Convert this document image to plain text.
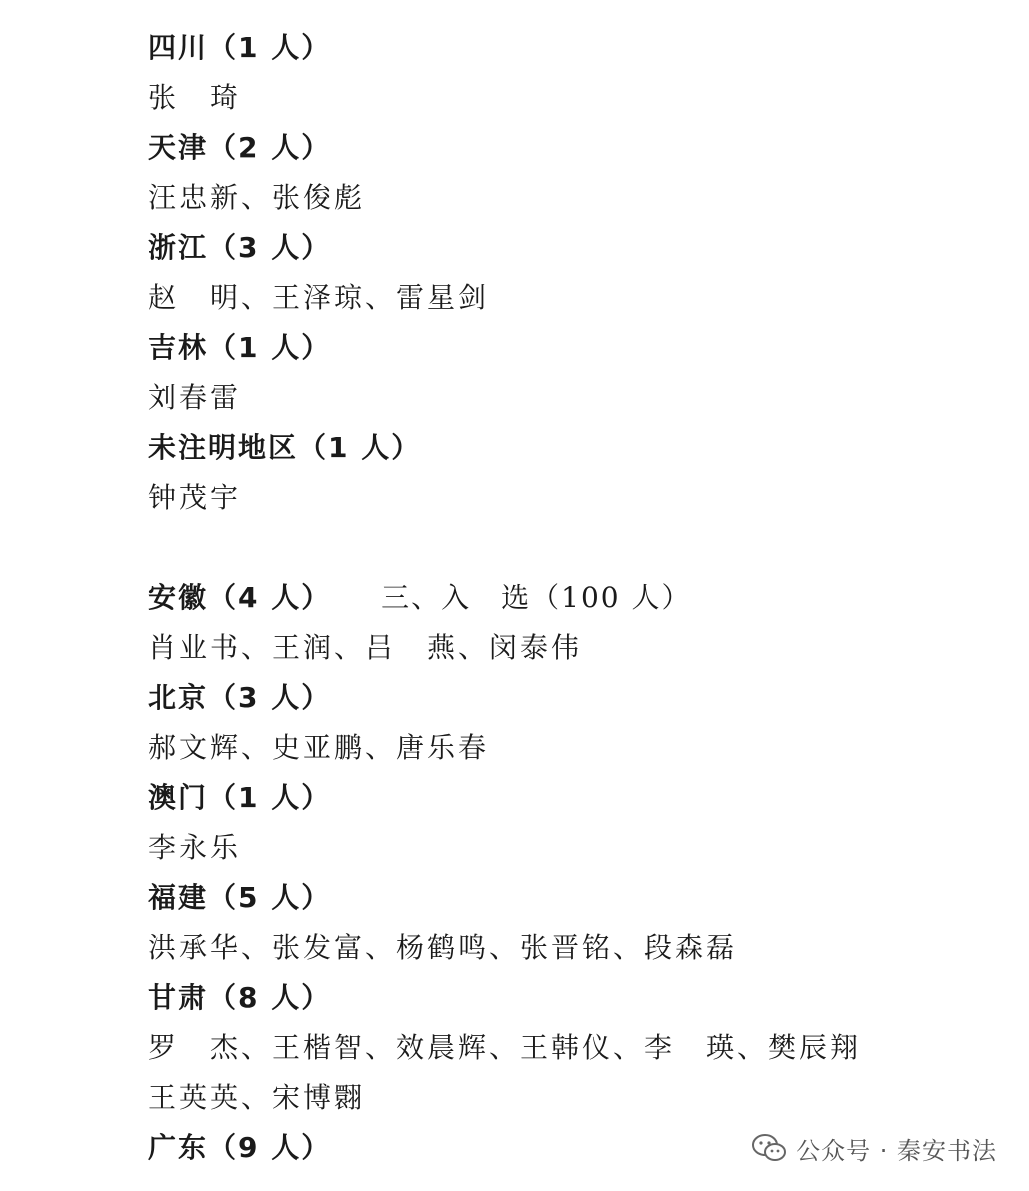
四川（1 人）
张　琦
天津（2 人）
汪忠新、张俊彪
浙江（3 人）
赵　明、王泽琼、雷星剑
吉林（1 人）
刘春雷
未注明地区（1 人）
钟茂宇

三、入　选（100 人）

安徽（4 人）
肖业书、王润、吕　燕、闵泰伟
北京（3 人）
郝文辉、史亚鹏、唐乐春
澳门（1 人）
李永乐
福建（5 人）
洪承华、张发富、杨鹤鸣、张晋铭、段森磊
甘肃（8 人）
罗　杰、王楷智、效晨辉、王韩仪、李　瑛、樊辰翔
王英英、宋博翾
广东（9 人）	公众号 · 秦安书法
